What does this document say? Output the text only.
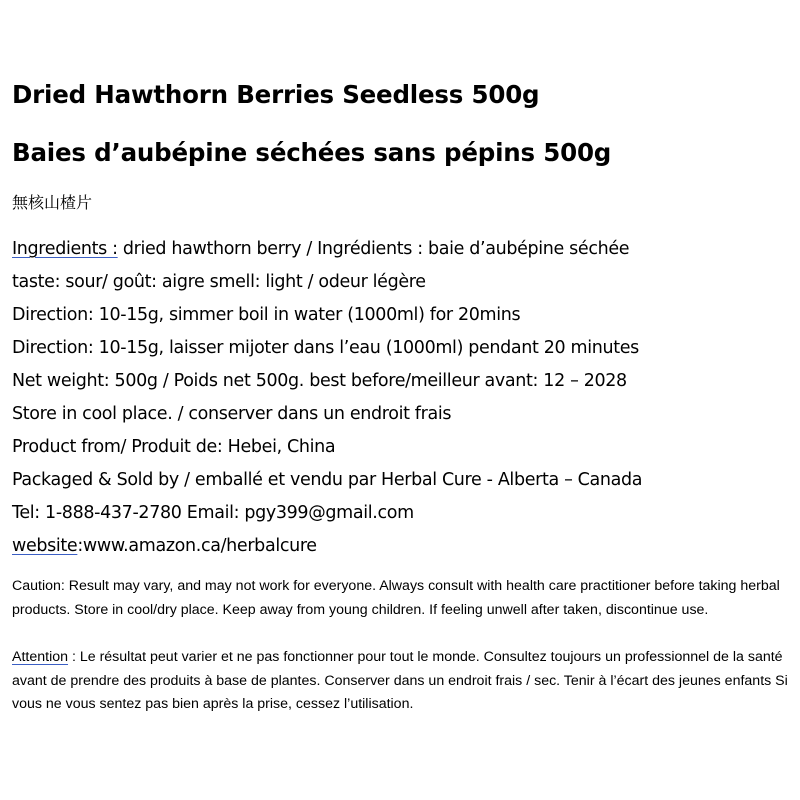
Dried Hawthorn Berries Seedless 500g
Baies d’aubépine séchées sans pépins 500g
無核山楂片
Ingredients : dried hawthorn berry / Ingrédients : baie d’aubépine séchée
taste: sour/ goût: aigre smell: light / odeur légère
Direction: 10-15g, simmer boil in water (1000ml) for 20mins
Direction: 10-15g, laisser mijoter dans l’eau (1000ml) pendant 20 minutes
Net weight: 500g / Poids net 500g. best before/meilleur avant: 12 – 2028
Store in cool place. / conserver dans un endroit frais
Product from/ Produit de: Hebei, China
Packaged & Sold by / emballé et vendu par Herbal Cure - Alberta – Canada
Tel: 1-888-437-2780 Email: pgy399@gmail.com
website:www.amazon.ca/herbalcure

Caution: Result may vary, and may not work for everyone. Always consult with health care practitioner before taking herbal products. Store in cool/dry place. Keep away from young children. If feeling unwell after taken, discontinue use.

Attention : Le résultat peut varier et ne pas fonctionner pour tout le monde. Consultez toujours un professionnel de la santé avant de prendre des produits à base de plantes. Conserver dans un endroit frais / sec. Tenir à l’écart des jeunes enfants Si vous ne vous sentez pas bien après la prise, cessez l’utilisation.
